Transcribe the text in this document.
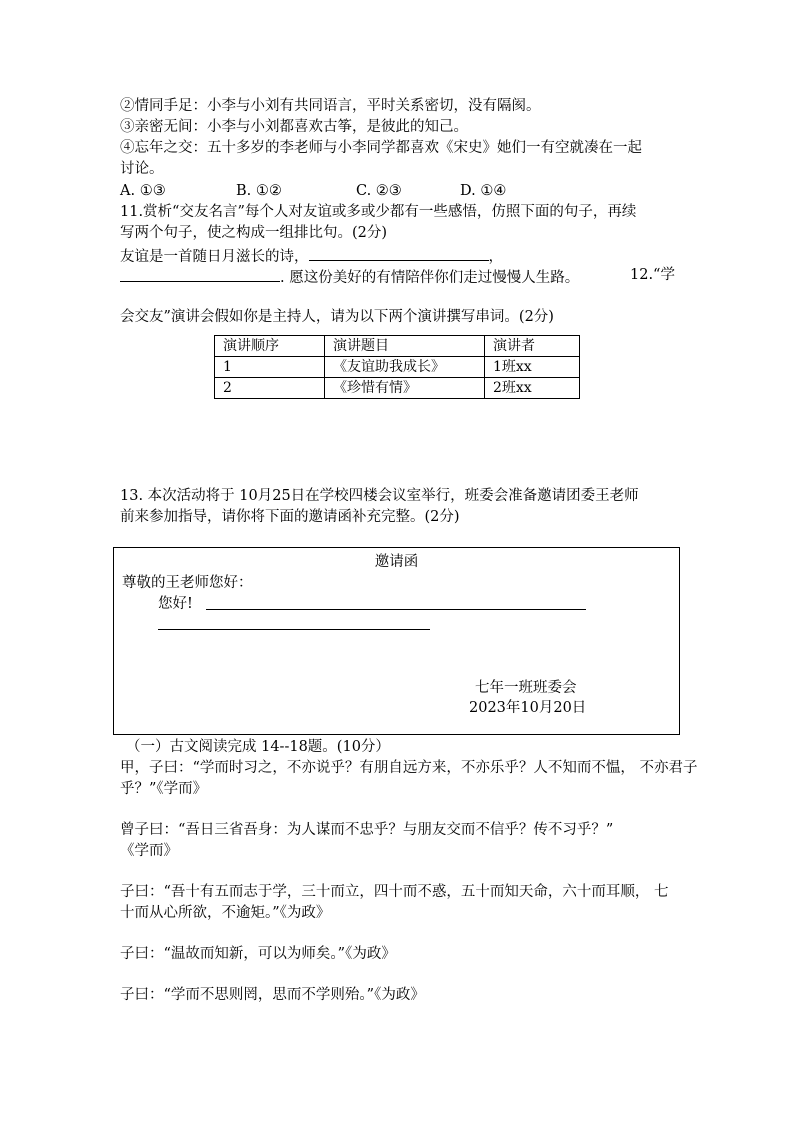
②情同手足：小李与小刘有共同语言，平时关系密切，没有隔阂。
③亲密无间：小李与小刘都喜欢古筝，是彼此的知己。
④忘年之交：五十多岁的李老师与小李同学都喜欢《宋史》她们一有空就凑在一起
讨论。
A. ①③	B. ①②	C. ②③	D. ①④
11.赏析“交友名言”每个人对友谊或多或少都有一些感悟，仿照下面的句子，再续
写两个句子，使之构成一组排比句。(2分)
友谊是一首随日月滋长的诗，	，
. 愿这份美好的有情陪伴你们走过慢慢人生路。	12.“学
会交友”演讲会假如你是主持人，请为以下两个演讲撰写串词。(2分)
演讲顺序	演讲题目	演讲者
1	《友谊助我成长》	1班xx
2	《珍惜有情》	2班xx
13. 本次活动将于 10月25日在学校四楼会议室举行，班委会准备邀请团委王老师
前来参加指导，请你将下面的邀请函补充完整。(2分)
邀请函
尊敬的王老师您好：
您好!
七年一班班委会
2023年10月20日
（一）古文阅读完成 14--18题。(10分）
甲，子曰：“学而时习之，不亦说乎？有朋自远方来，不亦乐乎？人不知而不愠， 不亦君子
乎？”《学而》
曾子曰：“吾日三省吾身：为人谋而不忠乎？与朋友交而不信乎？传不习乎？”
《学而》
子曰：“吾十有五而志于学，三十而立，四十而不惑，五十而知天命，六十而耳顺， 七
十而从心所欲，不逾矩。”《为政》
子曰：“温故而知新，可以为师矣。”《为政》
子曰：“学而不思则罔，思而不学则殆。”《为政》
